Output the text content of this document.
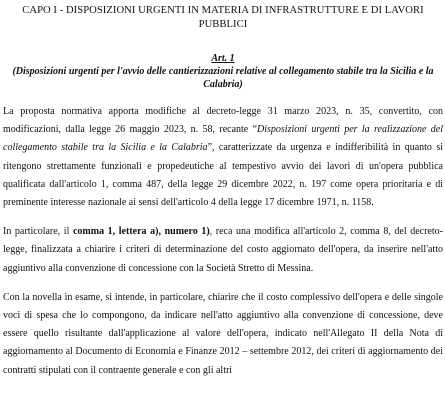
CAPO I - DISPOSIZIONI URGENTI IN MATERIA DI INFRASTRUTTURE E DI LAVORI PUBBLICI
Art. 1
(Disposizioni urgenti per l'avvio delle cantierizzazioni relative al collegamento stabile tra la Sicilia e la Calabria)

La proposta normativa apporta modifiche al decreto-legge 31 marzo 2023, n. 35, convertito, con modificazioni, dalla legge 26 maggio 2023, n. 58, recante “Disposizioni urgenti per la realizzazione del collegamento stabile tra la Sicilia e la Calabria”, caratterizzate da urgenza e indifferibilità in quanto si ritengono strettamente funzionali e propedeutiche al tempestivo avvio dei lavori di un'opera pubblica qualificata dall'articolo 1, comma 487, della legge 29 dicembre 2022, n. 197 come opera prioritaria e di preminente interesse nazionale ai sensi dell'articolo 4 della legge 17 dicembre 1971, n. 1158.

In particolare, il comma 1, lettera a), numero 1), reca una modifica all'articolo 2, comma 8, del decreto-legge, finalizzata a chiarire i criteri di determinazione del costo aggiornato dell'opera, da inserire nell'atto aggiuntivo alla convenzione di concessione con la Società Stretto di Messina.

Con la novella in esame, si intende, in particolare, chiarire che il costo complessivo dell'opera e delle singole voci di spesa che lo compongono, da indicare nell'atto aggiuntivo alla convenzione di concessione, deve essere quello risultante dall'applicazione al valore dell'opera, indicato nell'Allegato II della Nota di aggiornamento al Documento di Economia e Finanze 2012 – settembre 2012, dei criteri di aggiornamento dei contratti stipulati con il contraente generale e con gli altri
